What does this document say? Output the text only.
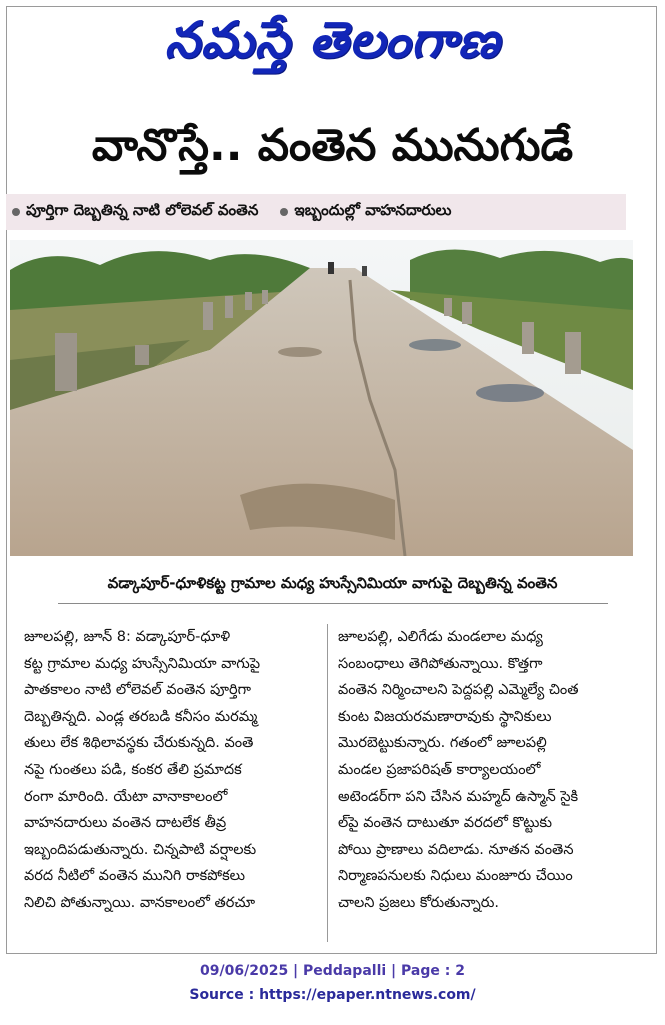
నమస్తే తెలంగాణ
వానొస్తే.. వంతెన మునుగుడే
పూర్తిగా దెబ్బతిన్న నాటి లోలెవల్ వంతెన ఇబ్బందుల్లో వాహనదారులు
వడ్కాపూర్-ధూళికట్ట గ్రామాల మధ్య హుస్సేనిమియా వాగుపై దెబ్బతిన్న వంతెన
జూలపల్లి, జూన్ 8: వడ్కాపూర్-ధూళి
కట్ట గ్రామాల మధ్య హుస్సేనిమియా వాగుపై
పాతకాలం నాటి లోలెవల్ వంతెన పూర్తిగా
దెబ్బతిన్నది. ఎండ్ల తరబడి కనీసం మరమ్మ
తులు లేక శిథిలావస్థకు చేరుకున్నది. వంతె
నపై గుంతలు పడి, కంకర తేలి ప్రమాదక
రంగా మారింది. యేటా వానాకాలంలో
వాహనదారులు వంతెన దాటలేక తీవ్ర
ఇబ్బందిపడుతున్నారు. చిన్నపాటి వర్షాలకు
వరద నీటిలో వంతెన మునిగి రాకపోకలు
నిలిచి పోతున్నాయి. వానకాలంలో తరచూ
జూలపల్లి, ఎలిగేడు మండలాల మధ్య
సంబంధాలు తెగిపోతున్నాయి. కొత్తగా
వంతెన నిర్మించాలని పెద్దపల్లి ఎమ్మెల్యే చింత
కుంట విజయరమణారావుకు స్థానికులు
మొరబెట్టుకున్నారు. గతంలో జూలపల్లి
మండల ప్రజాపరిషత్ కార్యాలయంలో
అటెండర్‌గా పని చేసిన మహ్మద్ ఉస్మాన్ సైకి
ల్‌పై వంతెన దాటుతూ వరదలో కొట్టుకు
పోయి ప్రాణాలు వదిలాడు. నూతన వంతెన
నిర్మాణపనులకు నిధులు మంజూరు చేయిం
చాలని ప్రజలు కోరుతున్నారు.
09/06/2025 | Peddapalli | Page : 2
Source : https://epaper.ntnews.com/
